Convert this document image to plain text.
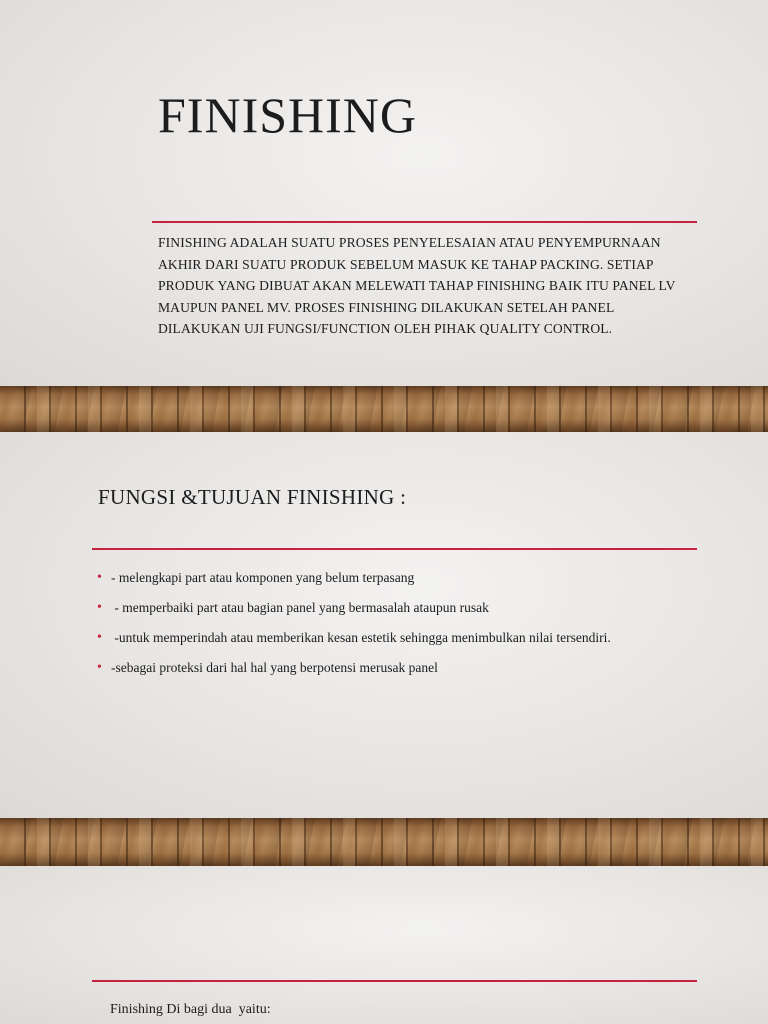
FINISHING

FINISHING ADALAH SUATU PROSES PENYELESAIAN ATAU PENYEMPURNAAN AKHIR DARI SUATU PRODUK SEBELUM MASUK KE TAHAP PACKING. SETIAP PRODUK YANG DIBUAT AKAN MELEWATI TAHAP FINISHING BAIK ITU PANEL LV MAUPUN PANEL MV. PROSES FINISHING DILAKUKAN SETELAH PANEL DILAKUKAN UJI FUNGSI/FUNCTION OLEH PIHAK QUALITY CONTROL.

FUNGSI &TUJUAN FINISHING :
• - melengkapi part atau komponen yang belum terpasang
• - memperbaiki part atau bagian panel yang bermasalah ataupun rusak
• -untuk memperindah atau memberikan kesan estetik sehingga menimbulkan nilai tersendiri.
• -sebagai proteksi dari hal hal yang berpotensi merusak panel

Finishing Di bagi dua  yaitu:
